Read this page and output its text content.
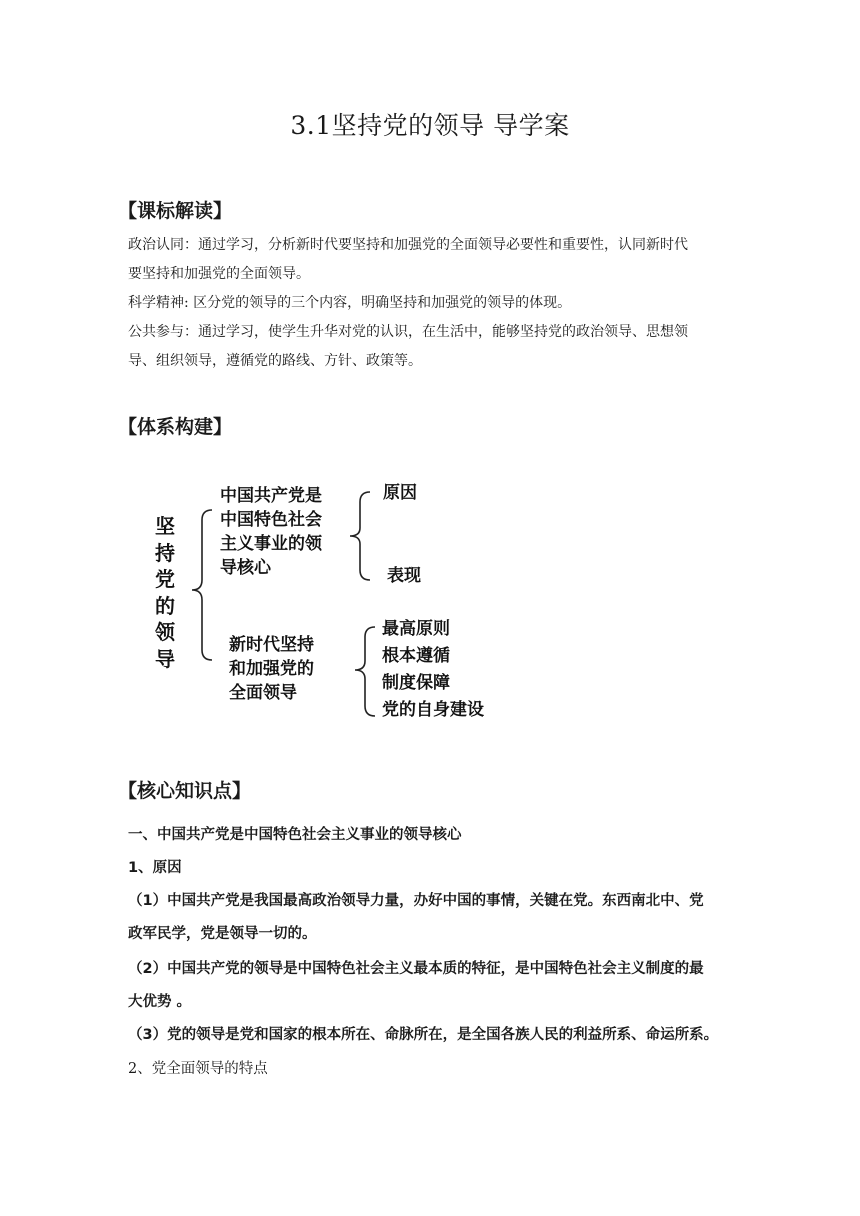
3.1坚持党的领导 导学案
【课标解读】
政治认同：通过学习，分析新时代要坚持和加强党的全面领导必要性和重要性，认同新时代
要坚持和加强党的全面领导。
科学精神: 区分党的领导的三个内容，明确坚持和加强党的领导的体现。
公共参与：通过学习，使学生升华对党的认识，在生活中，能够坚持党的政治领导、思想领
导、组织领导，遵循党的路线、方针、政策等。
【体系构建】
坚
持
党
的
领
导
中国共产党是
中国特色社会
主义事业的领
导核心
原因
表现
新时代坚持
和加强党的
全面领导
最高原则
根本遵循
制度保障
党的自身建设
【核心知识点】
一、中国共产党是中国特色社会主义事业的领导核心
1、原因
（1）中国共产党是我国最高政治领导力量，办好中国的事情，关键在党。东西南北中、党
政军民学，党是领导一切的。
（2）中国共产党的领导是中国特色社会主义最本质的特征，是中国特色社会主义制度的最
大优势 。
（3）党的领导是党和国家的根本所在、命脉所在，是全国各族人民的利益所系、命运所系。
2、党全面领导的特点
